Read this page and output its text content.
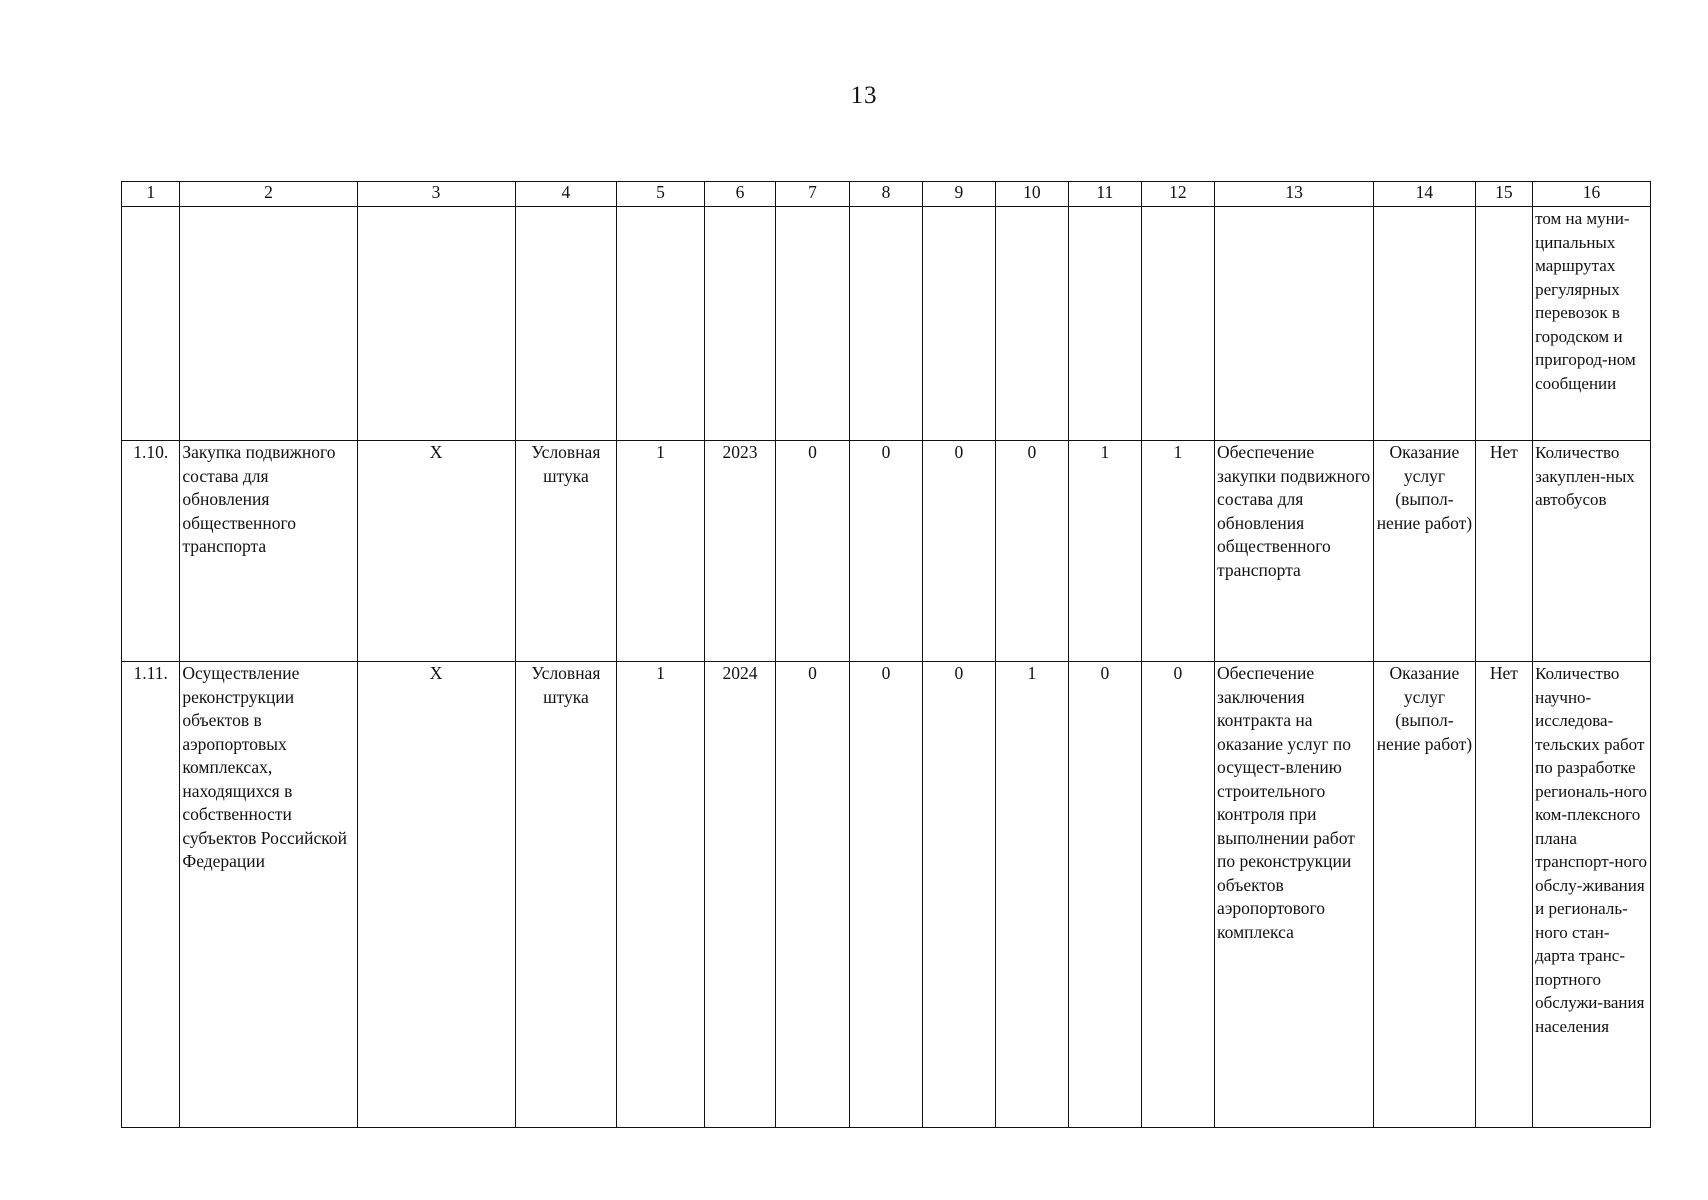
13
1	2	3	4	5	6	7	8	9	10	11	12	13	14	15	16
															том на муни-ципальных маршрутах регулярных перевозок в городском и пригород-ном сообщении
1.10.	Закупка подвижного состава для обновления общественного транспорта	Х	Условная штука	1	2023	0	0	0	0	1	1	Обеспечение закупки подвижного состава для обновления общественного транспорта	Оказание услуг (выпол-нение работ)	Нет	Количество закуплен-ных автобусов
1.11.	Осуществление реконструкции объектов в аэропортовых комплексах, находящихся в собственности субъектов Российской Федерации	Х	Условная штука	1	2024	0	0	0	1	0	0	Обеспечение заключения контракта на оказание услуг по осущест-влению строительного контроля при выполнении работ по реконструкции объектов аэропортового комплекса	Оказание услуг (выпол-нение работ)	Нет	Количество научно-исследова-тельских работ по разработке региональ-ного ком-плексного плана транспорт-ного обслу-живания и региональ-ного стан-дарта транс-портного обслужи-вания населения
